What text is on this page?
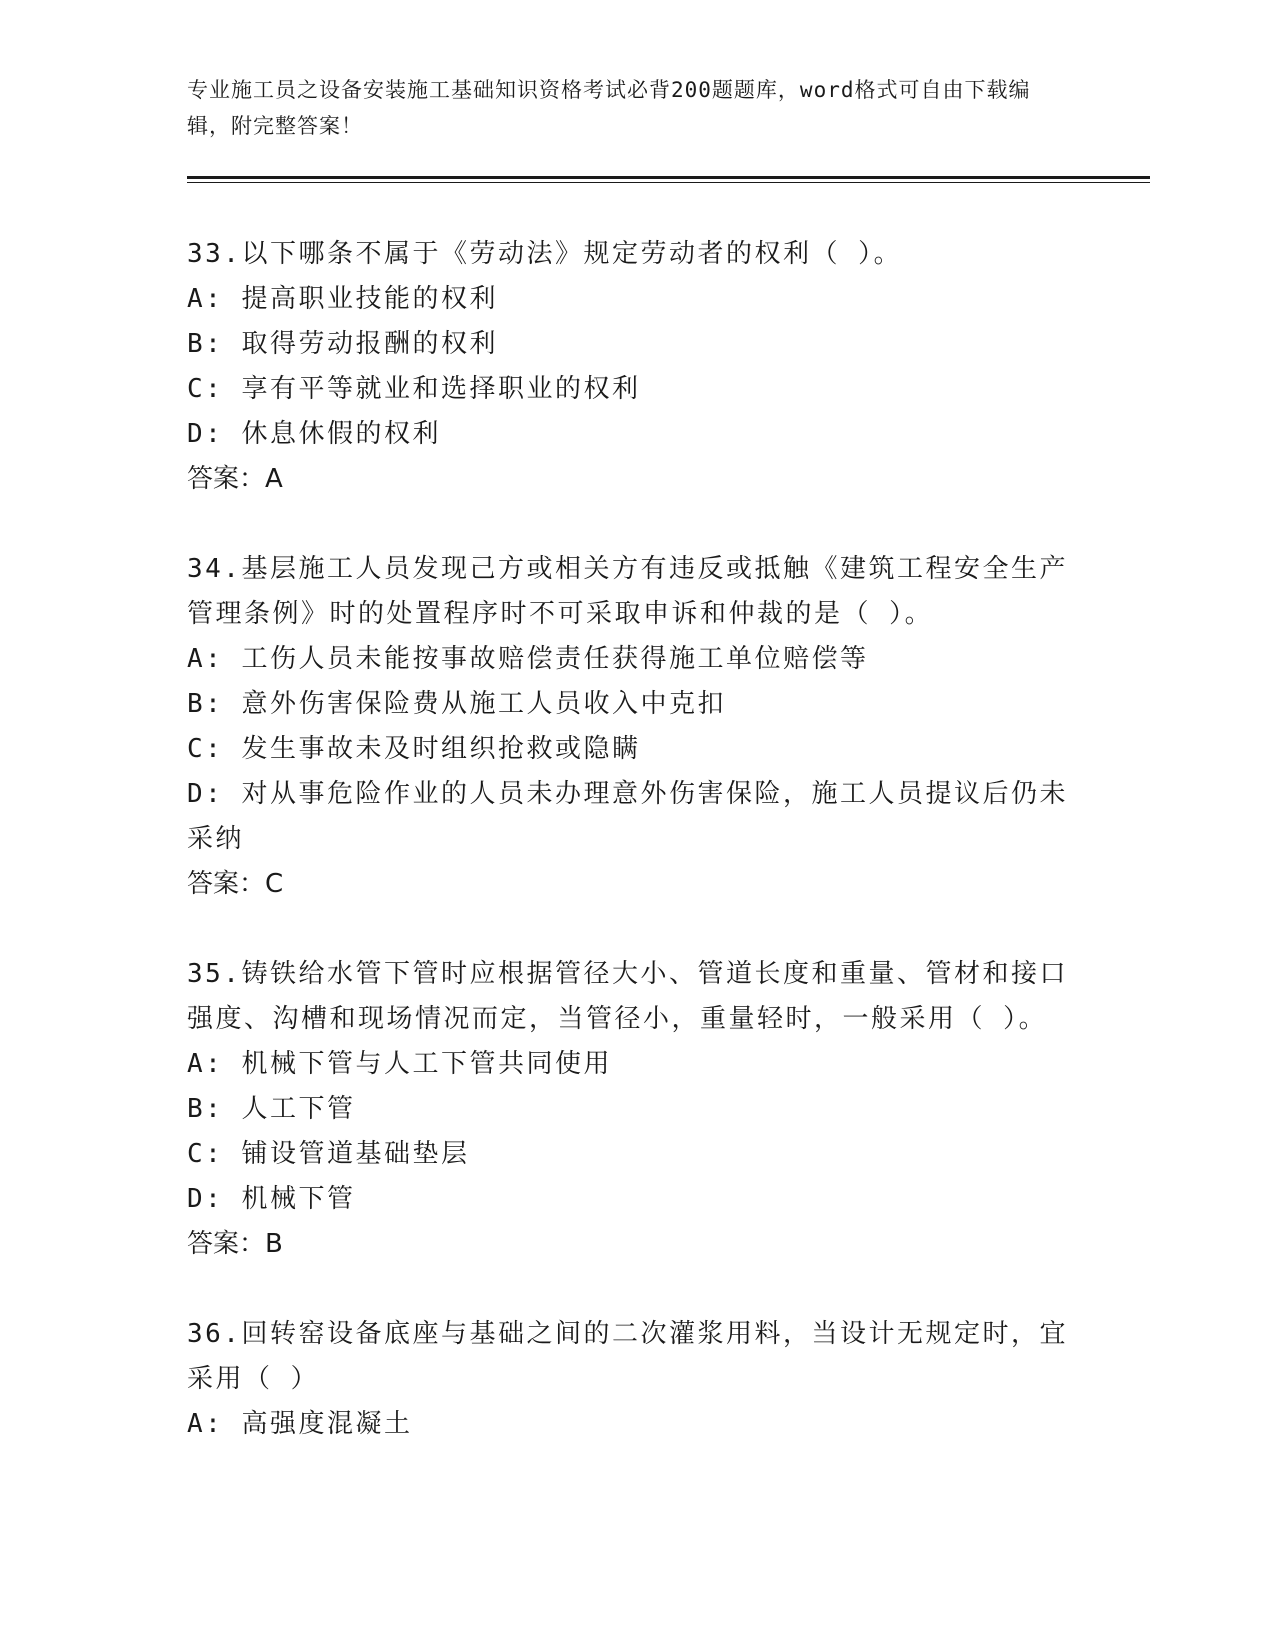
专业施工员之设备安装施工基础知识资格考试必背200题题库，word格式可自由下载编辑，附完整答案！

33.以下哪条不属于《劳动法》规定劳动者的权利（ ）。

A: 提高职业技能的权利

B: 取得劳动报酬的权利

C: 享有平等就业和选择职业的权利

D: 休息休假的权利

答案：A

34.基层施工人员发现己方或相关方有违反或抵触《建筑工程安全生产管理条例》时的处置程序时不可采取申诉和仲裁的是（ ）。

A: 工伤人员未能按事故赔偿责任获得施工单位赔偿等

B: 意外伤害保险费从施工人员收入中克扣

C: 发生事故未及时组织抢救或隐瞒

D: 对从事危险作业的人员未办理意外伤害保险，施工人员提议后仍未采纳

答案：C

35.铸铁给水管下管时应根据管径大小、管道长度和重量、管材和接口强度、沟槽和现场情况而定，当管径小，重量轻时，一般采用（ ）。

A: 机械下管与人工下管共同使用

B: 人工下管

C: 铺设管道基础垫层

D: 机械下管

答案：B

36.回转窑设备底座与基础之间的二次灌浆用料，当设计无规定时，宜采用（ ）

A: 高强度混凝土
